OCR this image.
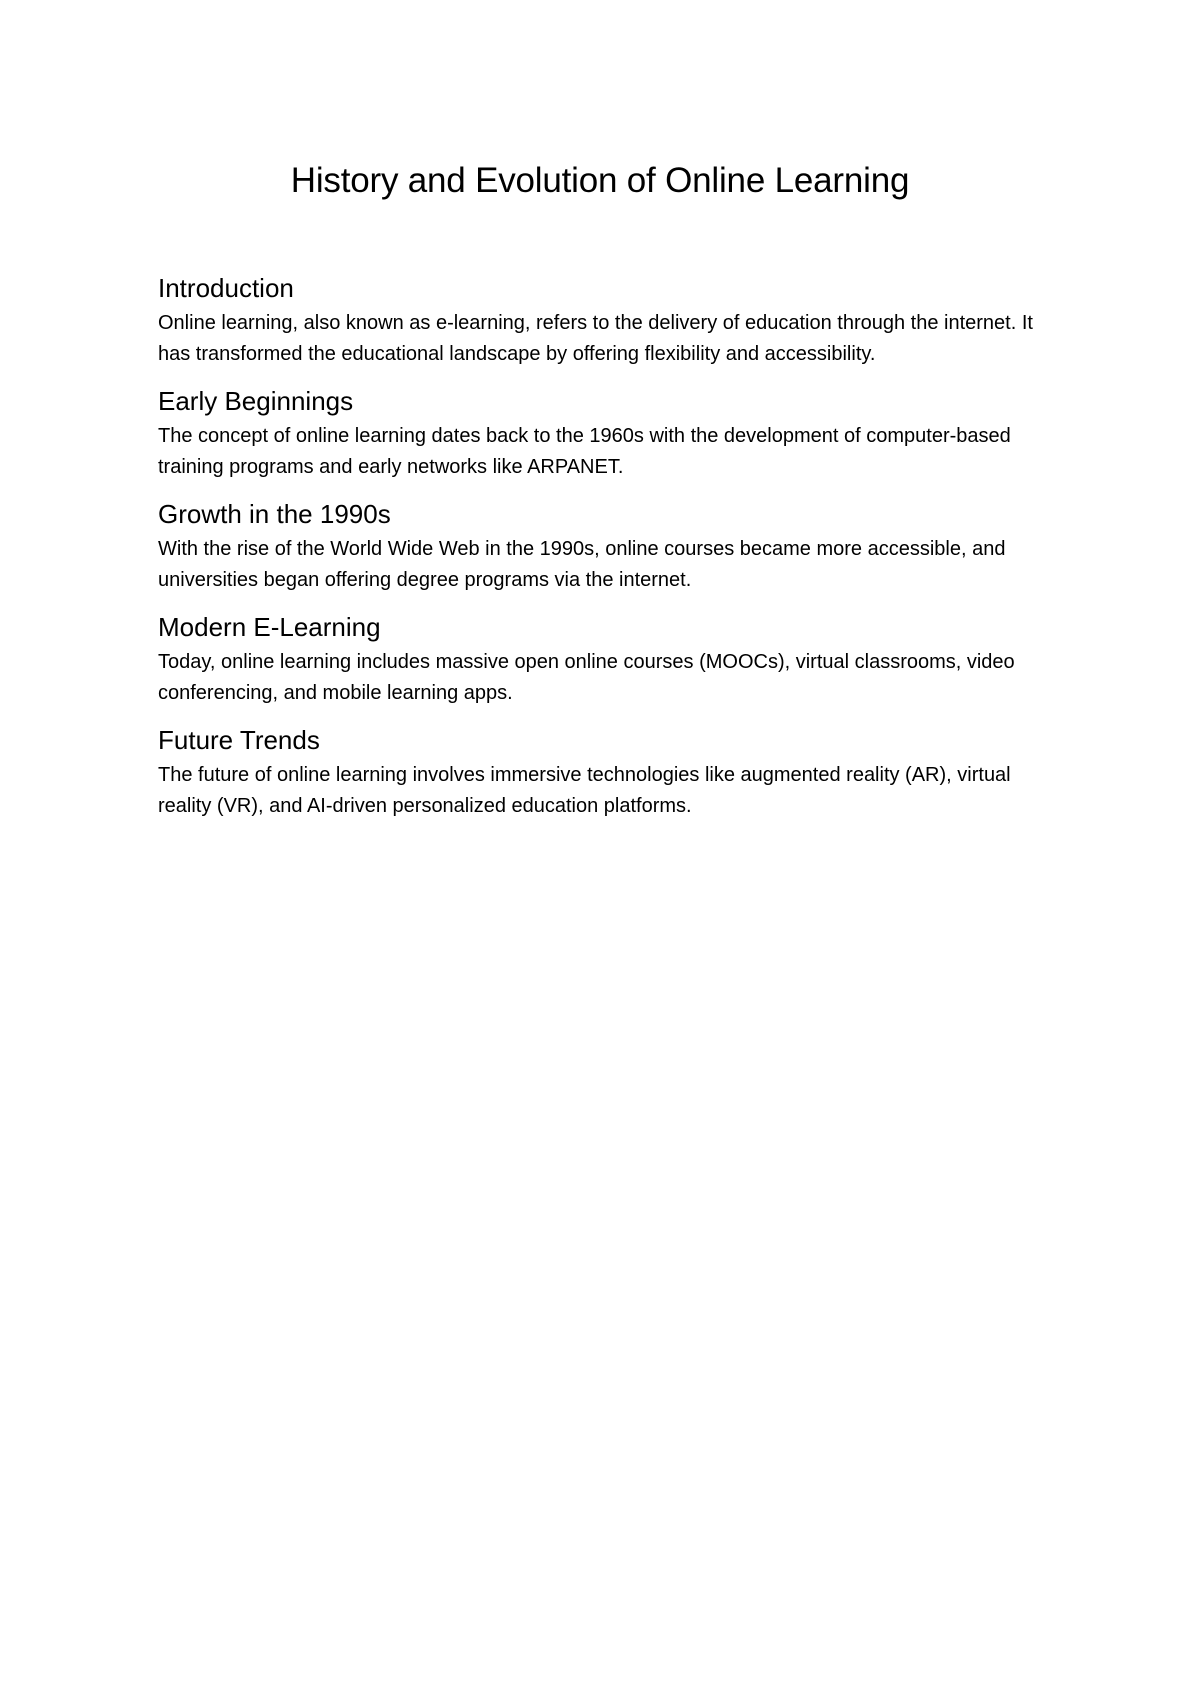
History and Evolution of Online Learning
Introduction

Online learning, also known as e-learning, refers to the delivery of education through the internet. It has transformed the educational landscape by offering flexibility and accessibility.

Early Beginnings

The concept of online learning dates back to the 1960s with the development of computer-based training programs and early networks like ARPANET.

Growth in the 1990s

With the rise of the World Wide Web in the 1990s, online courses became more accessible, and universities began offering degree programs via the internet.

Modern E-Learning

Today, online learning includes massive open online courses (MOOCs), virtual classrooms, video conferencing, and mobile learning apps.

Future Trends

The future of online learning involves immersive technologies like augmented reality (AR), virtual reality (VR), and AI-driven personalized education platforms.
